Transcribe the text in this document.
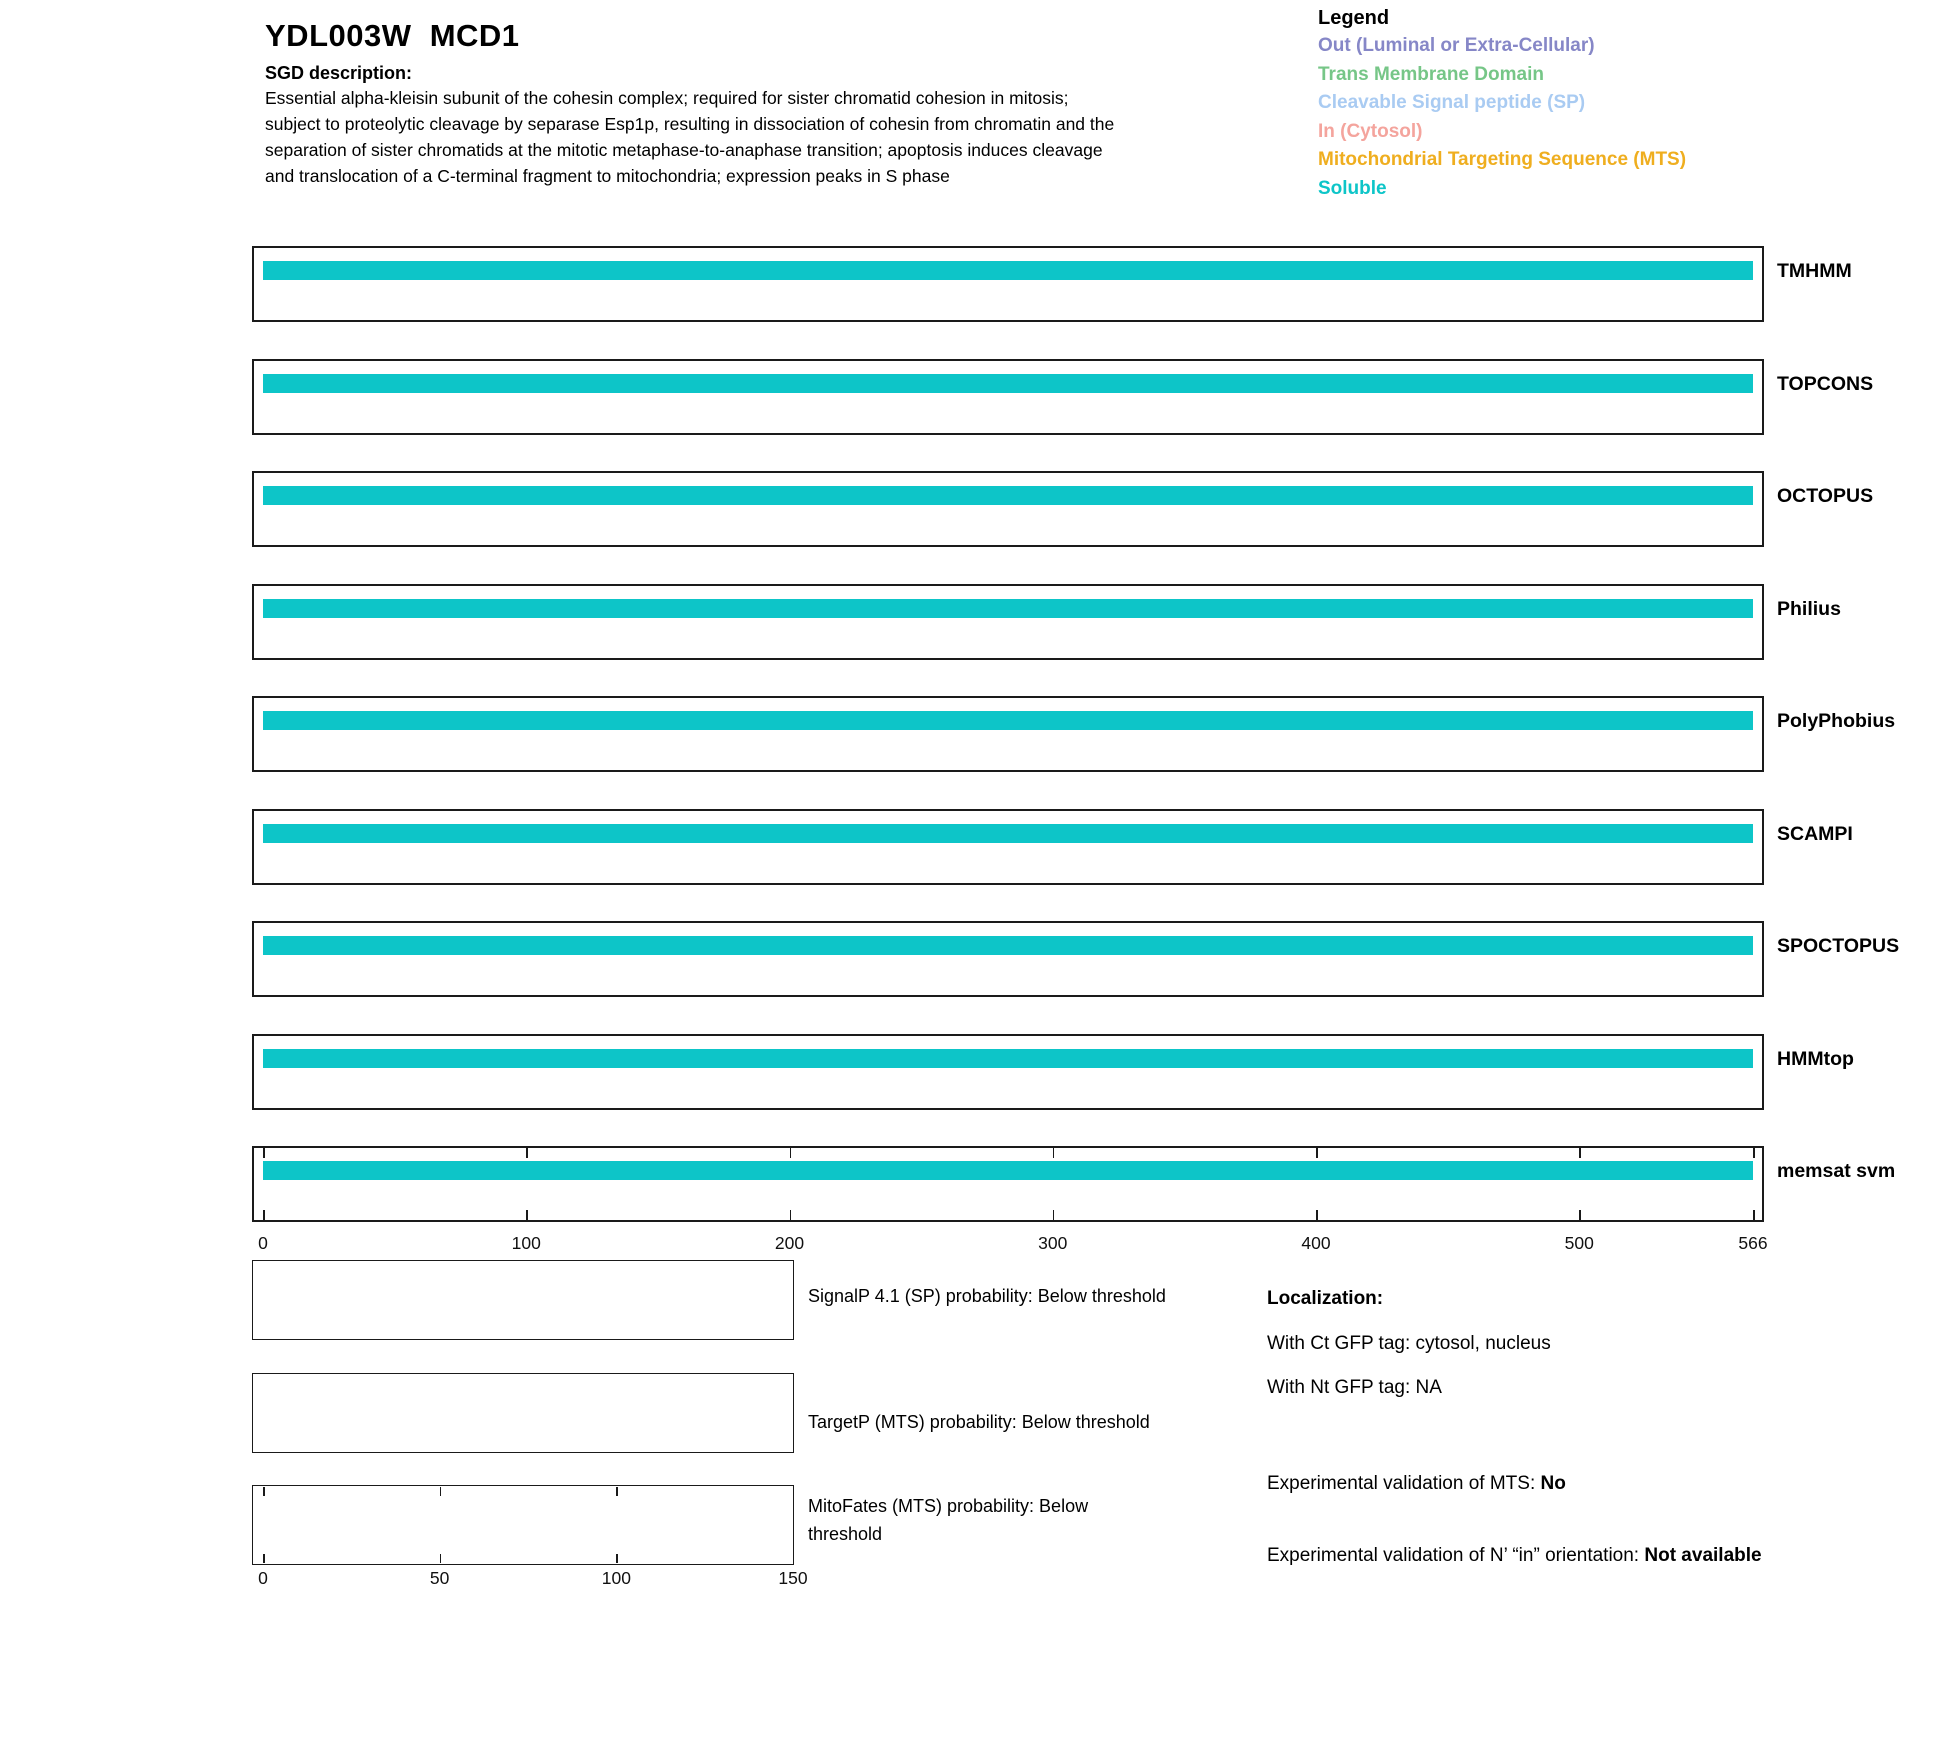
YDL003W  MCD1
SGD description:
Essential alpha-kleisin subunit of the cohesin complex; required for sister chromatid cohesion in mitosis; subject to proteolytic cleavage by separase Esp1p, resulting in dissociation of cohesin from chromatin and the separation of sister chromatids at the mitotic metaphase-to-anaphase transition; apoptosis induces cleavage and translocation of a C-terminal fragment to mitochondria; expression peaks in S phase
Legend
Out (Luminal or Extra-Cellular)
Trans Membrane Domain
Cleavable Signal peptide (SP)
In (Cytosol)
Mitochondrial Targeting Sequence (MTS)
Soluble
TMHMM
TOPCONS
OCTOPUS
Philius
PolyPhobius
SCAMPI
SPOCTOPUS
HMMtop
memsat svm
0	100	200	300	400	500	566
SignalP 4.1 (SP) probability: Below threshold
TargetP (MTS) probability: Below threshold
0	50	100	150
MitoFates (MTS) probability: Below threshold
Localization:
With Ct GFP tag: cytosol, nucleus
With Nt GFP tag: NA
Experimental validation of MTS: No
Experimental validation of N’ “in” orientation: Not available
